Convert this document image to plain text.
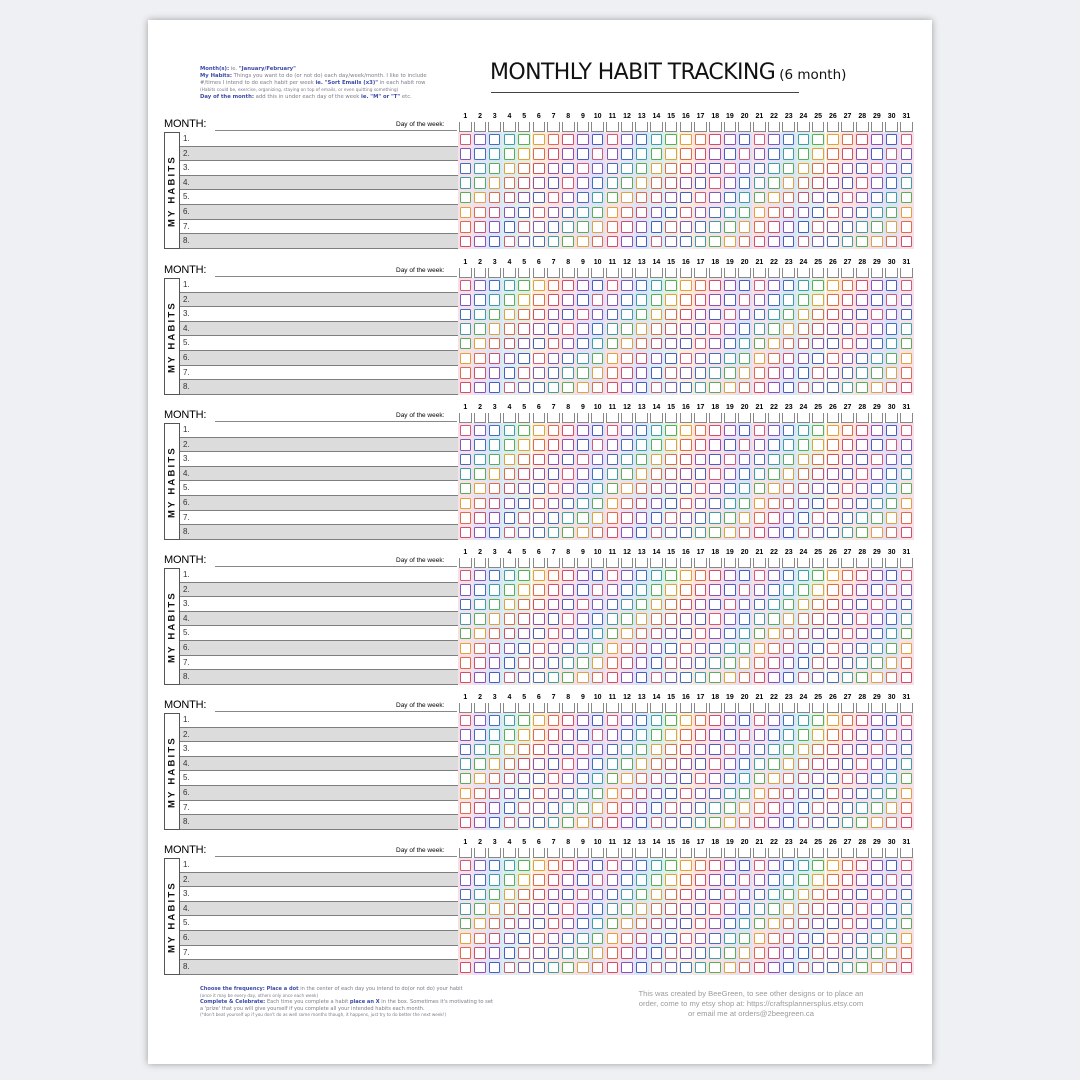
Month(s): ie. "January/February"

My Habits: Things you want to do (or not do) each day/week/month. I like to include

#/times I intend to do each habit per week ie. "Sort Emails (x3)" in each habit row

(Habits could be, exercise, organizing, staying on top of emails, or even quitting something)

Day of the month: add this in under each day of the week ie. "M" or "T" etc.

MONTHLY HABIT TRACKING (6 month)
MONTH:	Day of the week:
MY HABITS
1.
2.
3.
4.
5.
6.
7.
8.
1	2	3	4	5	6	7	8	9	10	11	12 13 14 15 16 17 18 19 20 21 22 23 24 25 26 27 28 29 30 31
MONTH:	Day of the week:
MY HABITS
1.
2.
3.
4.
5.
6.
7.
8.
1	2	3	4	5	6	7	8	9	10	11	12 13 14 15 16 17 18 19 20 21 22 23 24 25 26 27 28 29 30 31
MONTH:	Day of the week:
MY HABITS
1.
2.
3.
4.
5.
6.
7.
8.
1	2	3	4	5	6	7	8	9	10	11	12 13 14 15 16 17 18 19 20 21 22 23 24 25 26 27 28 29 30 31
MONTH:	Day of the week:
MY HABITS
1.
2.
3.
4.
5.
6.
7.
8.
1	2	3	4	5	6	7	8	9	10	11	12 13 14 15 16 17 18 19 20 21 22 23 24 25 26 27 28 29 30 31
MONTH:	Day of the week:
MY HABITS
1.
2.
3.
4.
5.
6.
7.
8.
1	2	3	4	5	6	7	8	9	10	11	12 13 14 15 16 17 18 19 20 21 22 23 24 25 26 27 28 29 30 31
MONTH:	Day of the week:
MY HABITS
1.
2.
3.
4.
5.
6.
7.
8.
1	2	3	4	5	6	7	8	9	10	11	12 13 14 15 16 17 18 19 20 21 22 23 24 25 26 27 28 29 30 31

Choose the frequency: Place a dot in the center of each day you intend to do(or not do) your habit

(once it may be every day, others only once each week)

Complete & Celebrate: Each time you complete a habit place an X in the box. Sometimes it's motivating to set

a 'prize' that you will give yourself if you complete all your intended habits each month.

(*don't beat yourself up if you don't do as well some months though, it happens, just try to do better the next week!)

This was created by BeeGreen, to see other designs or to place an

order, come to my etsy shop at: https://craftsplannersplus.etsy.com

or email me at orders@2beegreen.ca
